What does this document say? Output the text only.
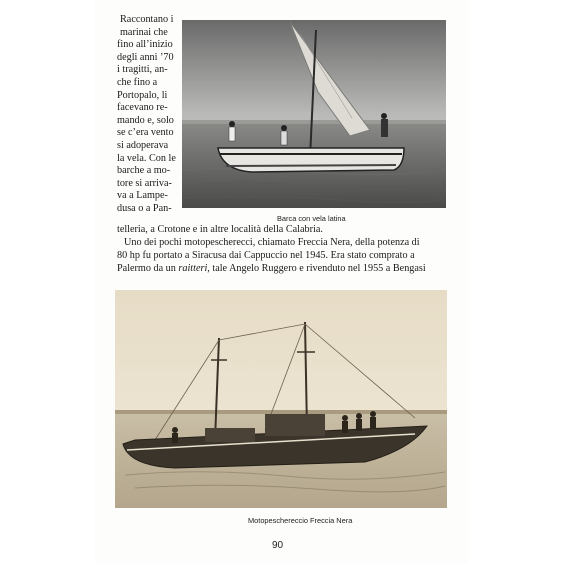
Raccontano i
marinai che
fino all’inizio
degli anni ’70
i tragitti, an-
che fino a
Portopalo, li
facevano re-
mando e, solo
se c’era vento
si adoperava
la vela. Con le
barche a mo-
tore si arriva-
va a Lampe-
dusa o a Pan-
Barca con vela latina
telleria, a Crotone e in altre località della Calabria.
Uno dei pochi motopescherecci, chiamato Freccia Nera, della potenza di
80 hp fu portato a Siracusa dai Cappuccio nel 1945. Era stato comprato a
Palermo da un raitteri, tale Angelo Ruggero e rivenduto nel 1955 a Bengasi
Motopeschereccio Freccia Nera
90
